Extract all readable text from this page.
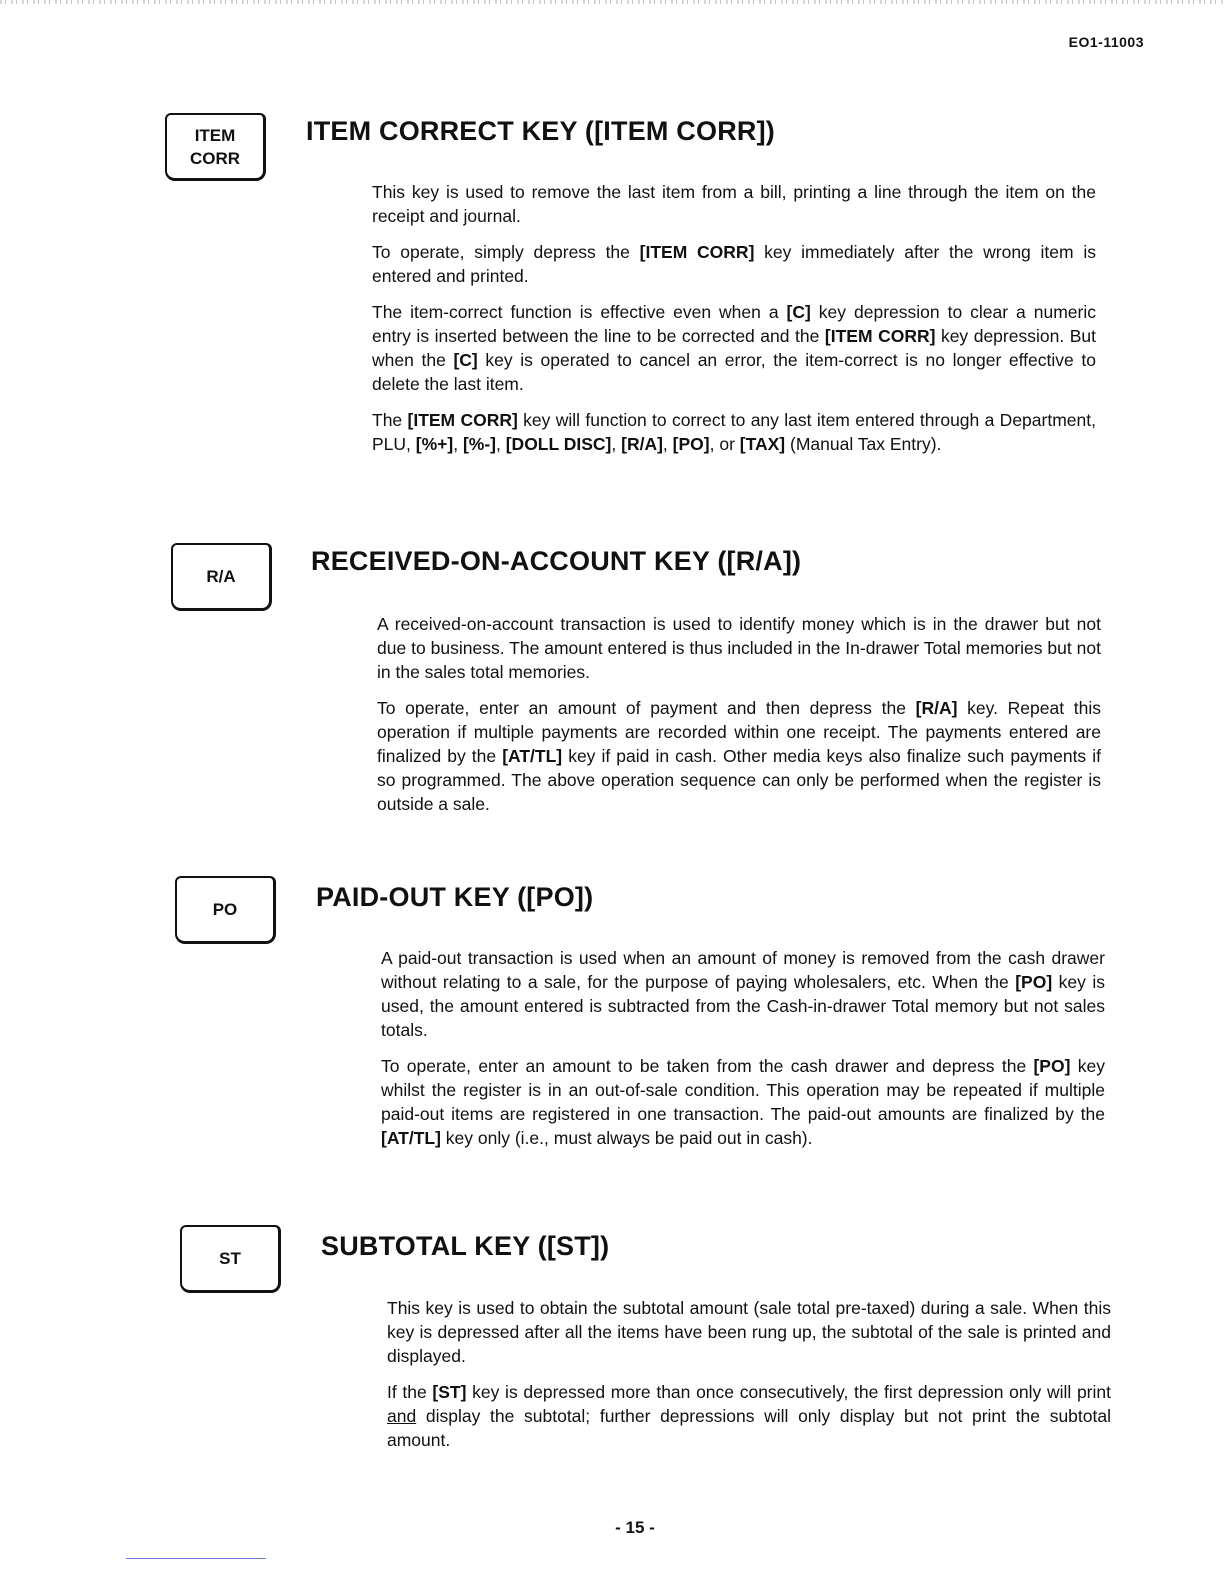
EO1-11003
ITEM
CORR
ITEM CORRECT KEY ([ITEM CORR])

This key is used to remove the last item from a bill, printing a line through the item on the receipt and journal.

To operate, simply depress the [ITEM CORR] key immediately after the wrong item is entered and printed.

The item-correct function is effective even when a [C] key depression to clear a numeric entry is inserted between the line to be corrected and the [ITEM CORR] key depression. But when the [C] key is operated to cancel an error, the item-correct is no longer effective to delete the last item.

The [ITEM CORR] key will function to correct to any last item entered through a Department, PLU, [%+], [%-], [DOLL DISC], [R/A], [PO], or [TAX] (Manual Tax Entry).

R/A
RECEIVED-ON-ACCOUNT KEY ([R/A])

A received-on-account transaction is used to identify money which is in the drawer but not due to business. The amount entered is thus included in the In-drawer Total memories but not in the sales total memories.

To operate, enter an amount of payment and then depress the [R/A] key. Repeat this operation if multiple payments are recorded within one receipt. The payments entered are finalized by the [AT/TL] key if paid in cash. Other media keys also finalize such payments if so programmed. The above operation sequence can only be performed when the register is outside a sale.

PO	PAID-OUT KEY ([PO])

A paid-out transaction is used when an amount of money is removed from the cash drawer without relating to a sale, for the purpose of paying wholesalers, etc. When the [PO] key is used, the amount entered is subtracted from the Cash-in-drawer Total memory but not sales totals.

To operate, enter an amount to be taken from the cash drawer and depress the [PO] key whilst the register is in an out-of-sale condition. This operation may be repeated if multiple paid-out items are registered in one transaction. The paid-out amounts are finalized by the [AT/TL] key only (i.e., must always be paid out in cash).

ST	SUBTOTAL KEY ([ST])

This key is used to obtain the subtotal amount (sale total pre-taxed) during a sale. When this key is depressed after all the items have been rung up, the subtotal of the sale is printed and displayed.

If the [ST] key is depressed more than once consecutively, the first depression only will print and display the subtotal; further depressions will only display but not print the subtotal amount.

- 15 -
